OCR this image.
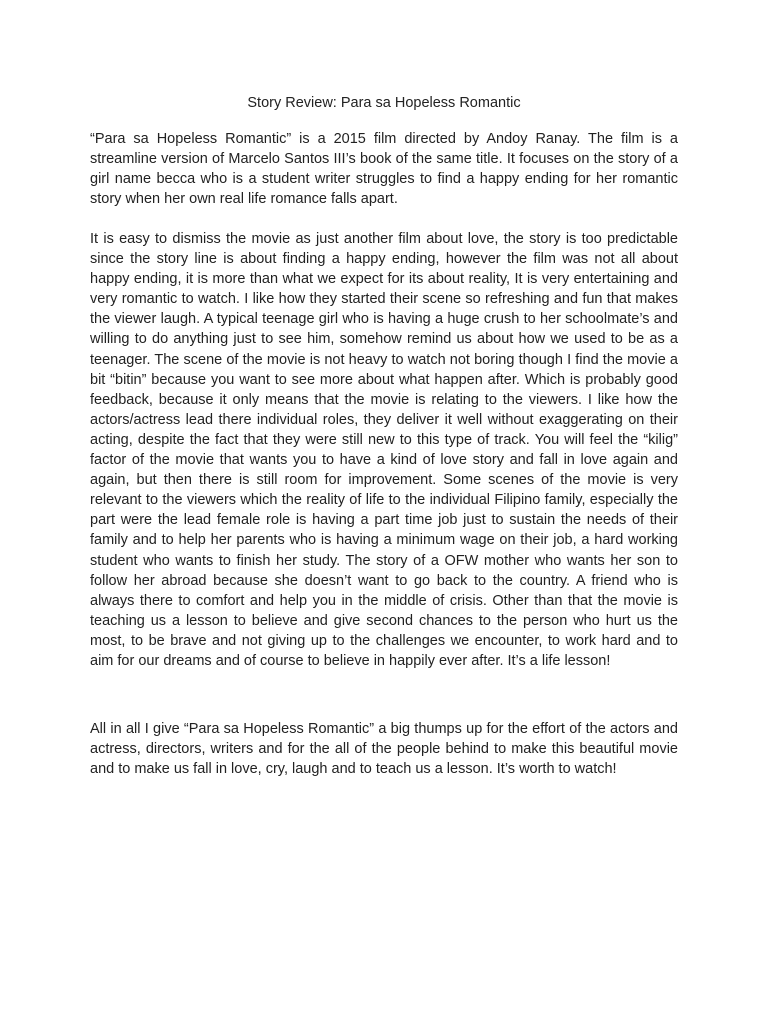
Story Review: Para sa Hopeless Romantic

“Para sa Hopeless Romantic” is a 2015 film directed by Andoy Ranay. The film is a streamline version of Marcelo Santos III’s book of the same title. It focuses on the story of a girl name becca who is a student writer struggles to find a happy ending for her romantic story when her own real life romance falls apart.

It is easy to dismiss the movie as just another film about love, the story is too predictable since the story line is about finding a happy ending, however the film was not all about happy ending, it is more than what we expect for its about reality, It is very entertaining and very romantic to watch. I like how they started their scene so refreshing and fun that makes the viewer laugh. A typical teenage girl who is having a huge crush to her schoolmate’s and willing to do anything just to see him, somehow remind us about how we used to be as a teenager. The scene of the movie is not heavy to watch not boring though I find the movie a bit “bitin” because you want to see more about what happen after. Which is probably good feedback, because it only means that the movie is relating to the viewers. I like how the actors/actress lead there individual roles, they deliver it well without exaggerating on their acting, despite the fact that they were still new to this type of track. You will feel the “kilig” factor of the movie that wants you to have a kind of love story and fall in love again and again, but then there is still room for improvement. Some scenes of the movie is very relevant to the viewers which the reality of life to the individual Filipino family, especially the part were the lead female role is having a part time job just to sustain the needs of their family and to help her parents who is having a minimum wage on their job, a hard working student who wants to finish her study. The story of a OFW mother who wants her son to follow her abroad because she doesn’t want to go back to the country. A friend who is always there to comfort and help you in the middle of crisis. Other than that the movie is teaching us a lesson to believe and give second chances to the person who hurt us the most, to be brave and not giving up to the challenges we encounter, to work hard and to aim for our dreams and of course to believe in happily ever after. It’s a life lesson!

All in all I give “Para sa Hopeless Romantic” a big thumps up for the effort of the actors and actress, directors, writers and for the all of the people behind to make this beautiful movie and to make us fall in love, cry, laugh and to teach us a lesson. It’s worth to watch!
